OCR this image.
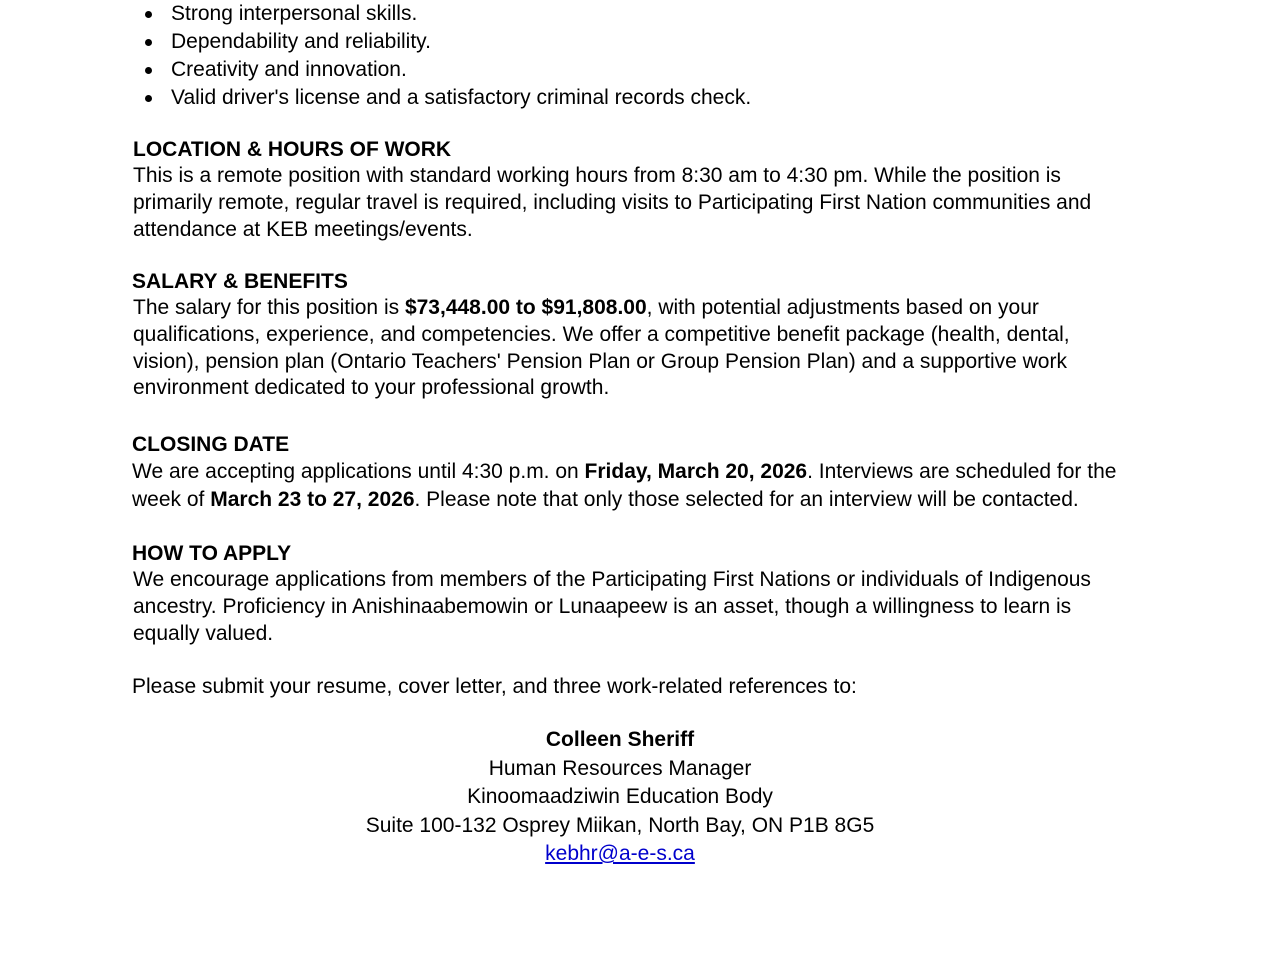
Strong interpersonal skills.
Dependability and reliability.
Creativity and innovation.
Valid driver's license and a satisfactory criminal records check.
LOCATION & HOURS OF WORK
This is a remote position with standard working hours from 8:30 am to 4:30 pm. While the position is
primarily remote, regular travel is required, including visits to Participating First Nation communities and
attendance at KEB meetings/events.
SALARY & BENEFITS
The salary for this position is $73,448.00 to $91,808.00, with potential adjustments based on your
qualifications, experience, and competencies. We offer a competitive benefit package (health, dental,
vision), pension plan (Ontario Teachers' Pension Plan or Group Pension Plan) and a supportive work
environment dedicated to your professional growth.
CLOSING DATE
We are accepting applications until 4:30 p.m. on Friday, March 20, 2026. Interviews are scheduled for the
week of March 23 to 27, 2026. Please note that only those selected for an interview will be contacted.
HOW TO APPLY
We encourage applications from members of the Participating First Nations or individuals of Indigenous
ancestry. Proficiency in Anishinaabemowin or Lunaapeew is an asset, though a willingness to learn is
equally valued.
Please submit your resume, cover letter, and three work-related references to:
Colleen Sheriff
Human Resources Manager
Kinoomaadziwin Education Body
Suite 100-132 Osprey Miikan, North Bay, ON P1B 8G5
kebhr@a-e-s.ca
